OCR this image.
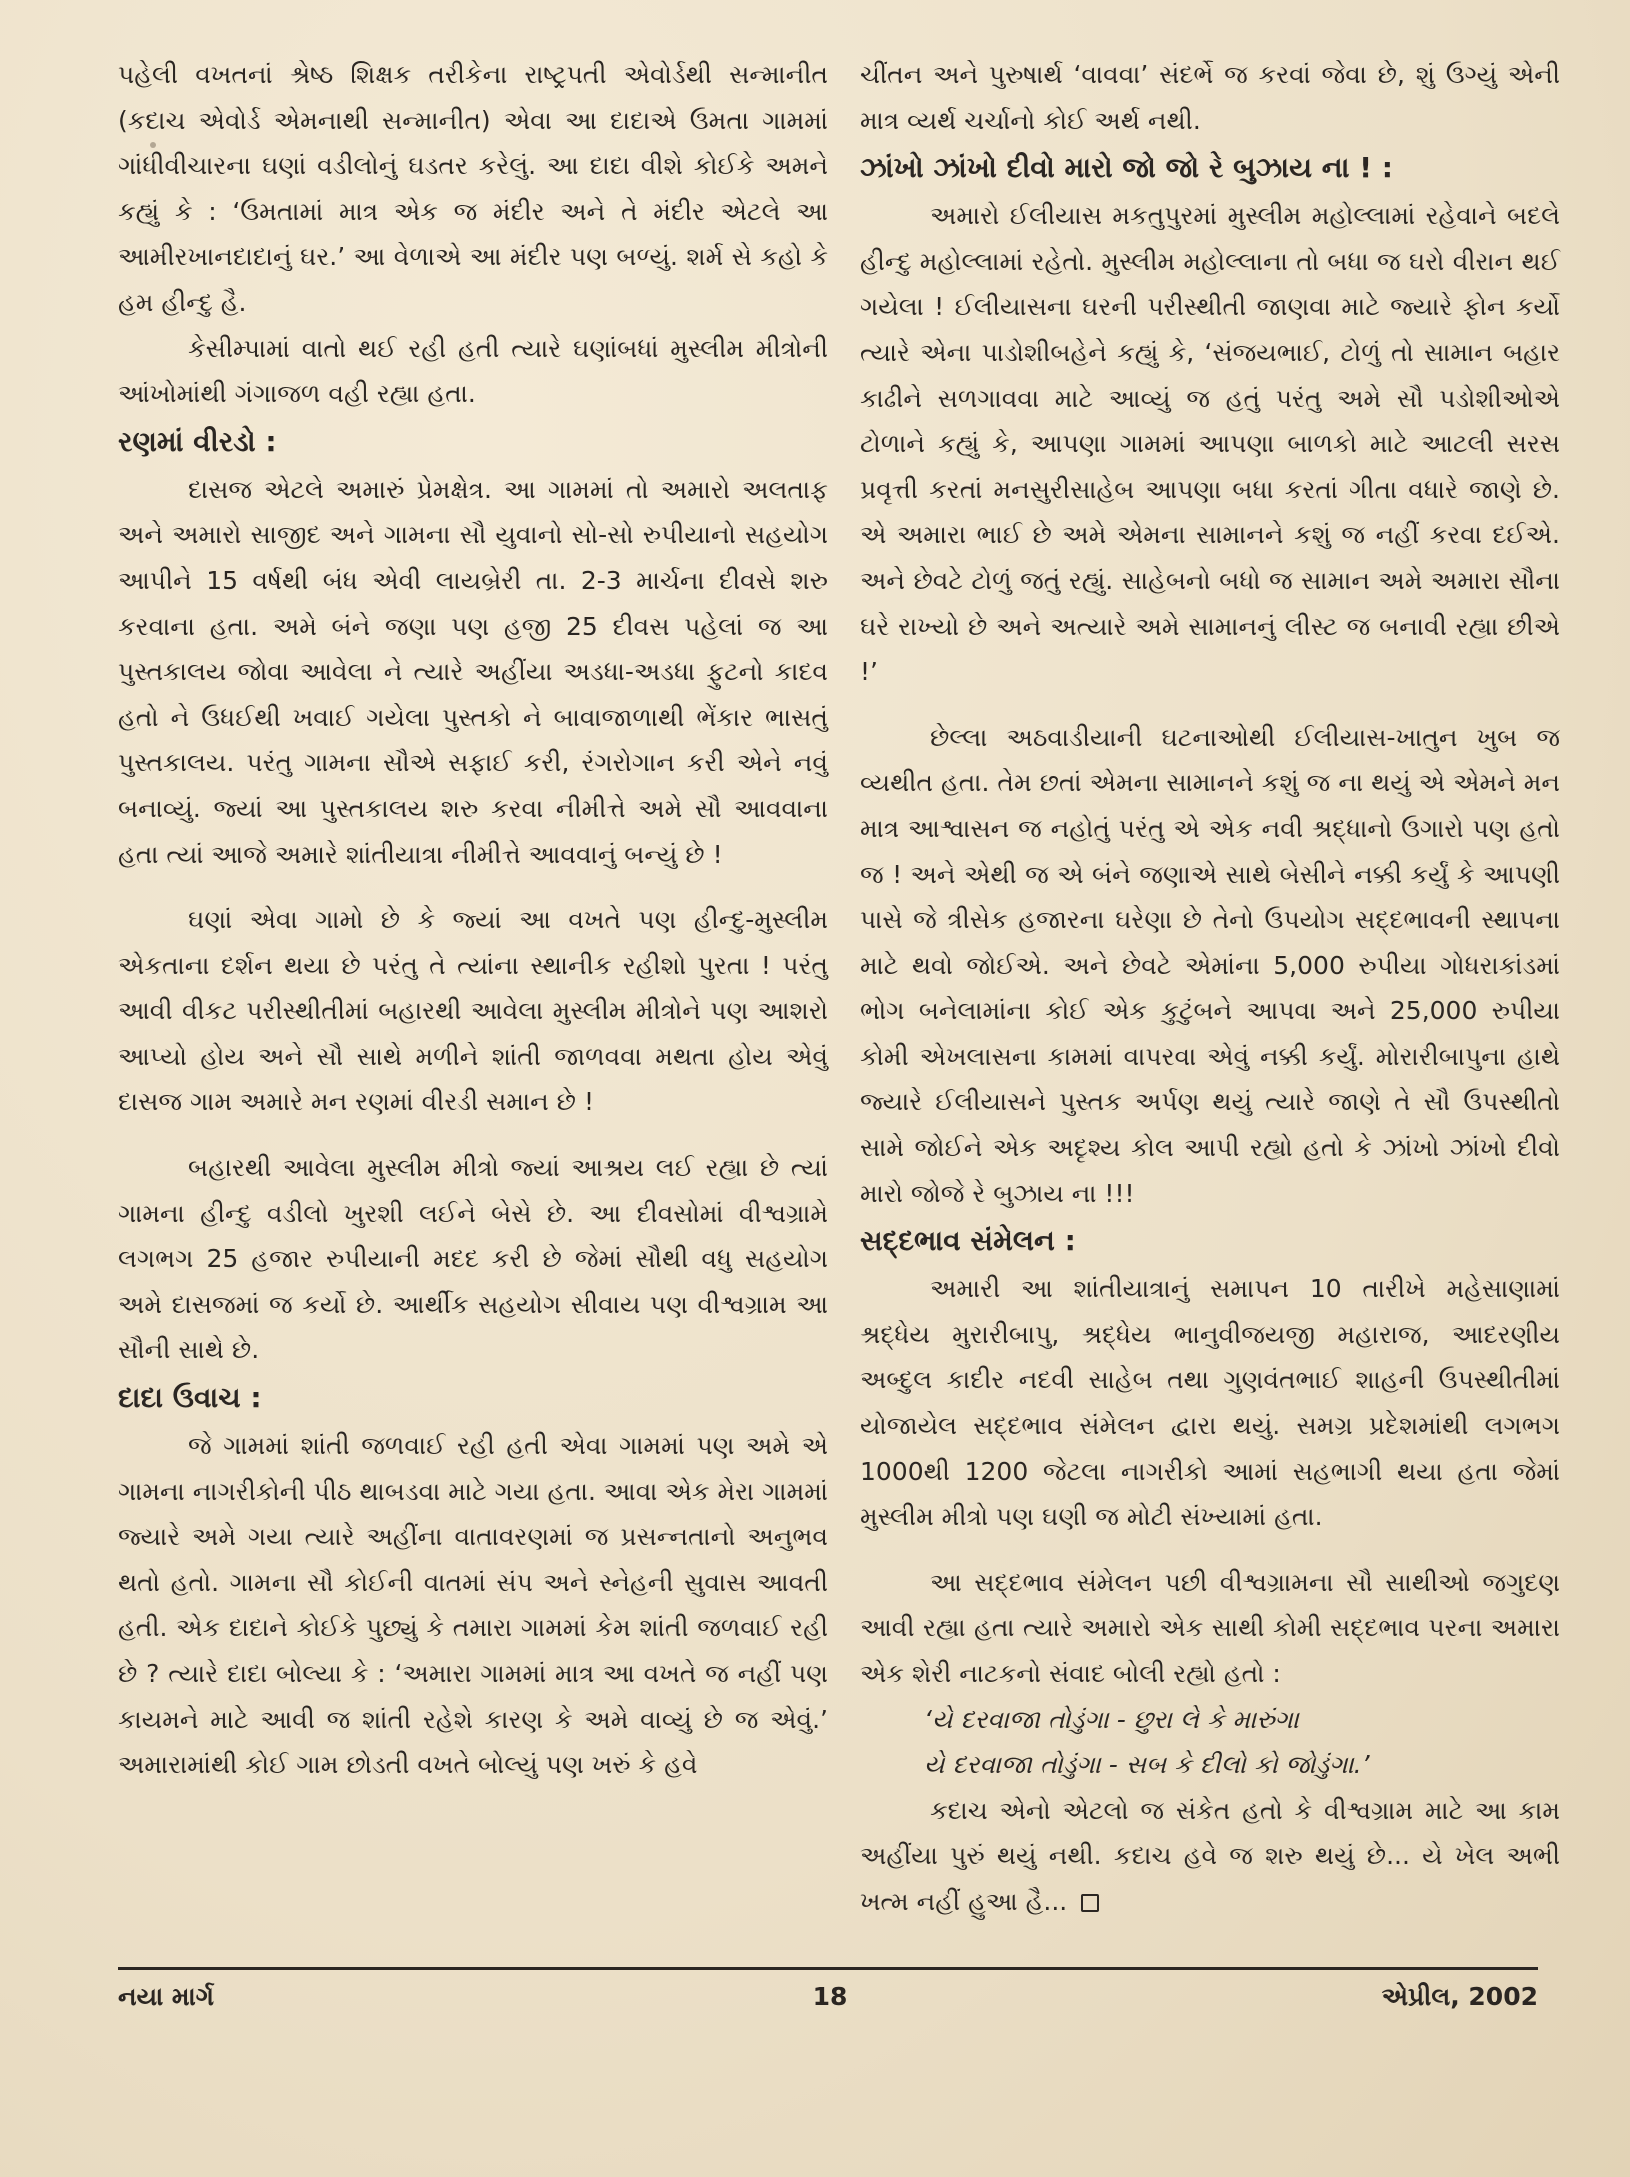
પહેલી વખતનાં શ્રેષ્ઠ શિક્ષક તરીકેના રાષ્ટ્રપતી એવોર્ડથી સન્માનીત (કદાચ એવોર્ડ એમનાથી સન્માનીત) એવા આ દાદાએ ઉમતા ગામમાં ગાંધીવીચારના ઘણાં વડીલોનું ઘડતર કરેલું. આ દાદા વીશે કોઈકે અમને કહ્યું કે : ‘ઉમતામાં માત્ર એક જ મંદીર અને તે મંદીર એટલે આ આમીરખાનદાદાનું ઘર.’ આ વેળાએ આ મંદીર પણ બળ્યું. શર્મ સે કહો કે હમ હીન્દુ હૈ.

કેસીમ્પામાં વાતો થઈ રહી હતી ત્યારે ઘણાંબધાં મુસ્લીમ મીત્રોની આંખોમાંથી ગંગાજળ વહી રહ્યા હતા.

રણમાં વીરડો :

દાસજ એટલે અમારું પ્રેમક્ષેત્ર. આ ગામમાં તો અમારો અલતાફ અને અમારો સાજીદ અને ગામના સૌ યુવાનો સો-સો રુપીયાનો સહયોગ આપીને 15 વર્ષથી બંધ એવી લાયબ્રેરી તા. 2-3 માર્ચના દીવસે શરુ કરવાના હતા. અમે બંને જણા પણ હજી 25 દીવસ પહેલાં જ આ પુસ્તકાલય જોવા આવેલા ને ત્યારે અહીંયા અડધા-અડધા ફુટનો કાદવ હતો ને ઉધઈથી ખવાઈ ગયેલા પુસ્તકો ને બાવાજાળાથી ભેંકાર ભાસતું પુસ્તકાલય. પરંતુ ગામના સૌએ સફાઈ કરી, રંગરોગાન કરી એને નવું બનાવ્યું. જ્યાં આ પુસ્તકાલય શરુ કરવા નીમીત્તે અમે સૌ આવવાના હતા ત્યાં આજે અમારે શાંતીયાત્રા નીમીત્તે આવવાનું બન્યું છે !

ઘણાં એવા ગામો છે કે જ્યાં આ વખતે પણ હીન્દુ-મુસ્લીમ એકતાના દર્શન થયા છે પરંતુ તે ત્યાંના સ્થાનીક રહીશો પુરતા ! પરંતુ આવી વીકટ પરીસ્થીતીમાં બહારથી આવેલા મુસ્લીમ મીત્રોને પણ આશરો આપ્યો હોય અને સૌ સાથે મળીને શાંતી જાળવવા મથતા હોય એવું દાસજ ગામ અમારે મન રણમાં વીરડી સમાન છે !

બહારથી આવેલા મુસ્લીમ મીત્રો જ્યાં આશ્રય લઈ રહ્યા છે ત્યાં ગામના હીન્દુ વડીલો ખુરશી લઈને બેસે છે. આ દીવસોમાં વીશ્વગ્રામે લગભગ 25 હજાર રુપીયાની મદદ કરી છે જેમાં સૌથી વધુ સહયોગ અમે દાસજમાં જ કર્યો છે. આર્થીક સહયોગ સીવાય પણ વીશ્વગ્રામ આ સૌની સાથે છે.

દાદા ઉવાચ :

જે ગામમાં શાંતી જળવાઈ રહી હતી એવા ગામમાં પણ અમે એ ગામના નાગરીકોની પીઠ થાબડવા માટે ગયા હતા. આવા એક મેરા ગામમાં જ્યારે અમે ગયા ત્યારે અહીંના વાતાવરણમાં જ પ્રસન્નતાનો અનુભવ થતો હતો. ગામના સૌ કોઈની વાતમાં સંપ અને સ્નેહની સુવાસ આવતી હતી. એક દાદાને કોઈકે પુછ્યું કે તમારા ગામમાં કેમ શાંતી જળવાઈ રહી છે ? ત્યારે દાદા બોલ્યા કે : ‘અમારા ગામમાં માત્ર આ વખતે જ નહીં પણ કાયમને માટે આવી જ શાંતી રહેશે કારણ કે અમે વાવ્યું છે જ એવું.’ અમારામાંથી કોઈ ગામ છોડતી વખતે બોલ્યું પણ ખરું કે હવે

ચીંતન અને પુરુષાર્થ ‘વાવવા’ સંદર્ભે જ કરવાં જેવા છે, શું ઉગ્યું એની માત્ર વ્યર્થ ચર્ચાનો કોઈ અર્થ નથી.

ઝાંખો ઝાંખો દીવો મારો જો જો રે બુઝાય ના ! :

અમારો ઈલીયાસ મકતુપુરમાં મુસ્લીમ મહોલ્લામાં રહેવાને બદલે હીન્દુ મહોલ્લામાં રહેતો. મુસ્લીમ મહોલ્લાના તો બધા જ ઘરો વીરાન થઈ ગયેલા ! ઈલીયાસના ઘરની પરીસ્થીતી જાણવા માટે જ્યારે ફોન કર્યો ત્યારે એના પાડોશીબહેને કહ્યું કે, ‘સંજયભાઈ, ટોળું તો સામાન બહાર કાઢીને સળગાવવા માટે આવ્યું જ હતું પરંતુ અમે સૌ પડોશીઓએ ટોળાને કહ્યું કે, આપણા ગામમાં આપણા બાળકો માટે આટલી સરસ પ્રવૃત્તી કરતાં મનસુરીસાહેબ આપણા બધા કરતાં ગીતા વધારે જાણે છે. એ અમારા ભાઈ છે અમે એમના સામાનને કશું જ નહીં કરવા દઈએ. અને છેવટે ટોળું જતું રહ્યું. સાહેબનો બધો જ સામાન અમે અમારા સૌના ઘરે રાખ્યો છે અને અત્યારે અમે સામાનનું લીસ્ટ જ બનાવી રહ્યા છીએ !’

છેલ્લા અઠવાડીયાની ઘટનાઓથી ઈલીયાસ-ખાતુન ખુબ જ વ્યથીત હતા. તેમ છતાં એમના સામાનને કશું જ ના થયું એ એમને મન માત્ર આશ્વાસન જ નહોતું પરંતુ એ એક નવી શ્રદ્ધાનો ઉગારો પણ હતો જ ! અને એથી જ એ બંને જણાએ સાથે બેસીને નક્કી કર્યું કે આપણી પાસે જે ત્રીસેક હજારના ઘરેણા છે તેનો ઉપયોગ સદ્દભાવની સ્થાપના માટે થવો જોઈએ. અને છેવટે એમાંના 5,000 રુપીયા ગોધરાકાંડમાં ભોગ બનેલામાંના કોઈ એક કુટુંબને આપવા અને 25,000 રુપીયા કોમી એખલાસના કામમાં વાપરવા એવું નક્કી કર્યું. મોરારીબાપુના હાથે જ્યારે ઈલીયાસને પુસ્તક અર્પણ થયું ત્યારે જાણે તે સૌ ઉપસ્થીતો સામે જોઈને એક અદૃશ્ય કોલ આપી રહ્યો હતો કે ઝાંખો ઝાંખો દીવો મારો જોજે રે બુઝાય ના !!!

સદ્દભાવ સંમેલન :

અમારી આ શાંતીયાત્રાનું સમાપન 10 તારીખે મહેસાણામાં શ્રદ્ધેય મુરારીબાપુ, શ્રદ્ધેય ભાનુવીજયજી મહારાજ, આદરણીય અબ્દુલ કાદીર નદવી સાહેબ તથા ગુણવંતભાઈ શાહની ઉપસ્થીતીમાં યોજાયેલ સદ્દભાવ સંમેલન દ્વારા થયું. સમગ્ર પ્રદેશમાંથી લગભગ 1000થી 1200 જેટલા નાગરીકો આમાં સહભાગી થયા હતા જેમાં મુસ્લીમ મીત્રો પણ ઘણી જ મોટી સંખ્યામાં હતા.

આ સદ્દભાવ સંમેલન પછી વીશ્વગ્રામના સૌ સાથીઓ જગુદણ આવી રહ્યા હતા ત્યારે અમારો એક સાથી કોમી સદ્દભાવ પરના અમારા એક શેરી નાટકનો સંવાદ બોલી રહ્યો હતો :

‘યે દરવાજા તોડુંગા - છુરા લે કે મારુંગા

યે દરવાજા તોડુંગા - સબ કે દીલો કો જોડુંગા.’

કદાચ એનો એટલો જ સંકેત હતો કે વીશ્વગ્રામ માટે આ કામ અહીંયા પુરું થયું નથી. કદાચ હવે જ શરુ થયું છે... યે ખેલ અભી ખત્મ નહીં હુઆ હૈ...

નયા માર્ગ	18	એપ્રીલ, 2002
